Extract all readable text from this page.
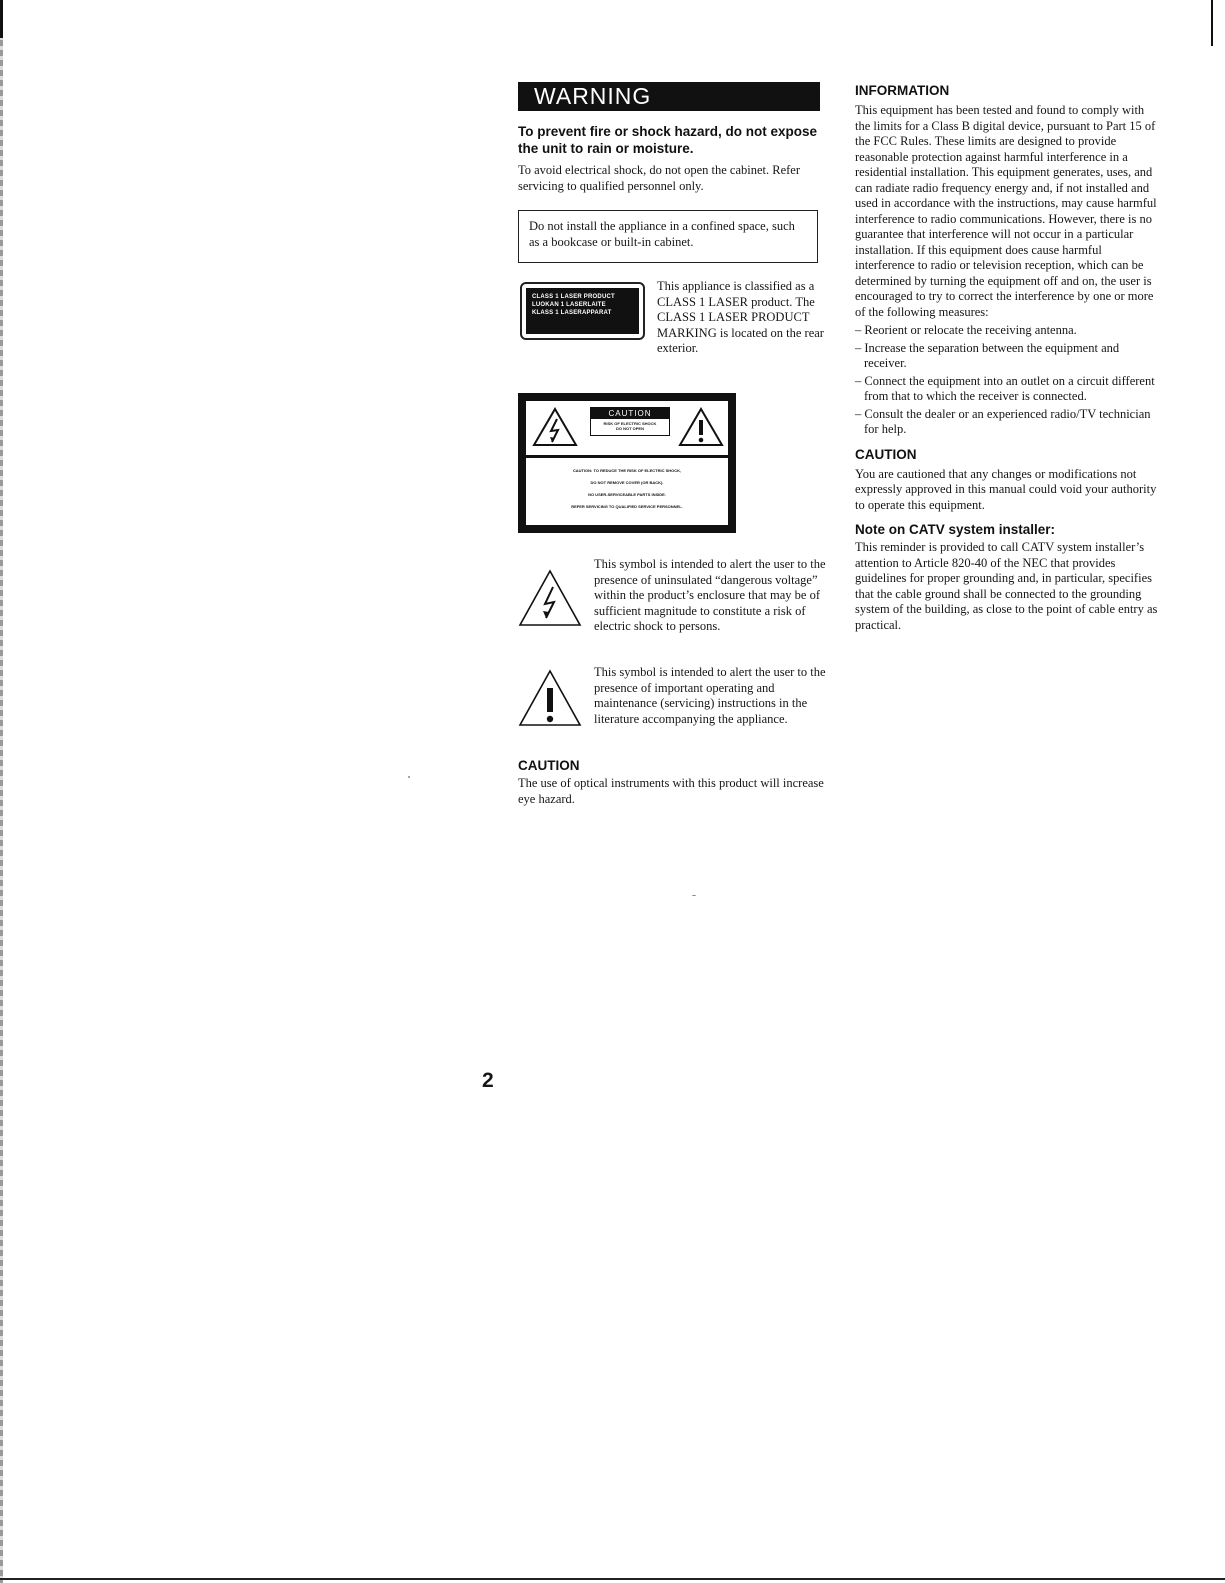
WARNING

To prevent fire or shock hazard, do not expose the unit to rain or moisture.

To avoid electrical shock, do not open the cabinet. Refer servicing to qualified personnel only.

Do not install the appliance in a confined space, such as a bookcase or built-in cabinet.
CLASS 1 LASER PRODUCT
LUOKAN 1 LASERLAITE
KLASS 1 LASERAPPARAT
This appliance is classified as a CLASS 1 LASER product. The CLASS 1 LASER PRODUCT MARKING is located on the rear exterior.
CAUTION
RISK OF ELECTRIC SHOCK
DO NOT OPEN
CAUTION: TO REDUCE THE RISK OF ELECTRIC SHOCK,
DO NOT REMOVE COVER (OR BACK).
NO USER-SERVICEABLE PARTS INSIDE.
REFER SERVICING TO QUALIFIED SERVICE PERSONNEL.
This symbol is intended to alert the user to the presence of uninsulated “dangerous voltage” within the product’s enclosure that may be of sufficient magnitude to constitute a risk of electric shock to persons.
This symbol is intended to alert the user to the presence of important operating and maintenance (servicing) instructions in the literature accompanying the appliance.

CAUTION

The use of optical instruments with this product will increase eye hazard.

INFORMATION

This equipment has been tested and found to comply with the limits for a Class B digital device, pursuant to Part 15 of the FCC Rules. These limits are designed to provide reasonable protection against harmful interference in a residential installation. This equipment generates, uses, and can radiate radio frequency energy and, if not installed and used in accordance with the instructions, may cause harmful interference to radio communications. However, there is no guarantee that interference will not occur in a particular installation. If this equipment does cause harmful interference to radio or television reception, which can be determined by turning the equipment off and on, the user is encouraged to try to correct the interference by one or more of the following measures:

– Reorient or relocate the receiving antenna.
– Increase the separation between the equipment and receiver.
– Connect the equipment into an outlet on a circuit different from that to which the receiver is connected.
– Consult the dealer or an experienced radio/TV technician for help.

CAUTION

You are cautioned that any changes or modifications not expressly approved in this manual could void your authority to operate this equipment.

Note on CATV system installer:

This reminder is provided to call CATV system installer’s attention to Article 820-40 of the NEC that provides guidelines for proper grounding and, in particular, specifies that the cable ground shall be connected to the grounding system of the building, as close to the point of cable entry as practical.

2
